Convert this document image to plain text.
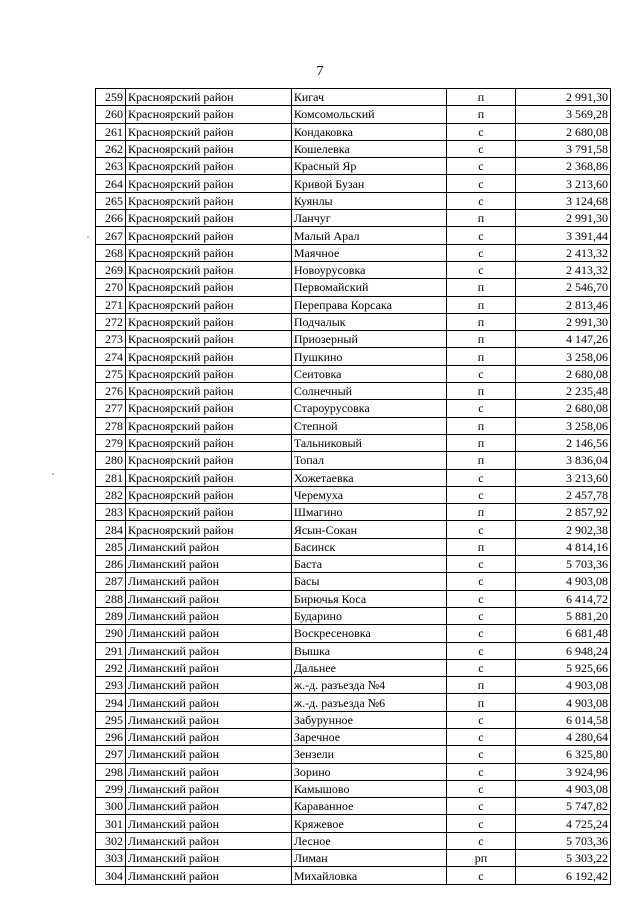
7
259	Красноярский район	Кигач	п	2 991,30
260	Красноярский район	Комсомольский	п	3 569,28
261	Красноярский район	Кондаковка	с	2 680,08
262	Красноярский район	Кошелевка	с	3 791,58
263	Красноярский район	Красный Яр	с	2 368,86
264	Красноярский район	Кривой Бузан	с	3 213,60
265	Красноярский район	Куянлы	с	3 124,68
266	Красноярский район	Ланчуг	п	2 991,30
267	Красноярский район	Малый Арал	с	3 391,44
268	Красноярский район	Маячное	с	2 413,32
269	Красноярский район	Новоурусовка	с	2 413,32
270	Красноярский район	Первомайский	п	2 546,70
271	Красноярский район	Переправа Корсака	п	2 813,46
272	Красноярский район	Подчалык	п	2 991,30
273	Красноярский район	Приозерный	п	4 147,26
274	Красноярский район	Пушкино	п	3 258,06
275	Красноярский район	Сеитовка	с	2 680,08
276	Красноярский район	Солнечный	п	2 235,48
277	Красноярский район	Староурусовка	с	2 680,08
278	Красноярский район	Степной	п	3 258,06
279	Красноярский район	Тальниковый	п	2 146,56
280	Красноярский район	Топал	п	3 836,04
281	Красноярский район	Хожетаевка	с	3 213,60
282	Красноярский район	Черемуха	с	2 457,78
283	Красноярский район	Шмагино	п	2 857,92
284	Красноярский район	Ясын-Сокан	с	2 902,38
285	Лиманский район	Басинск	п	4 814,16
286	Лиманский район	Баста	с	5 703,36
287	Лиманский район	Басы	с	4 903,08
288	Лиманский район	Бирючья Коса	с	6 414,72
289	Лиманский район	Бударино	с	5 881,20
290	Лиманский район	Воскресеновка	с	6 681,48
291	Лиманский район	Вышка	с	6 948,24
292	Лиманский район	Дальнее	с	5 925,66
293	Лиманский район	ж.-д. разъезда №4	п	4 903,08
294	Лиманский район	ж.-д. разъезда №6	п	4 903,08
295	Лиманский район	Забурунное	с	6 014,58
296	Лиманский район	Заречное	с	4 280,64
297	Лиманский район	Зензели	с	6 325,80
298	Лиманский район	Зорино	с	3 924,96
299	Лиманский район	Камышово	с	4 903,08
300	Лиманский район	Караванное	с	5 747,82
301	Лиманский район	Кряжевое	с	4 725,24
302	Лиманский район	Лесное	с	5 703,36
303	Лиманский район	Лиман	рп	5 303,22
304	Лиманский район	Михайловка	с	6 192,42
